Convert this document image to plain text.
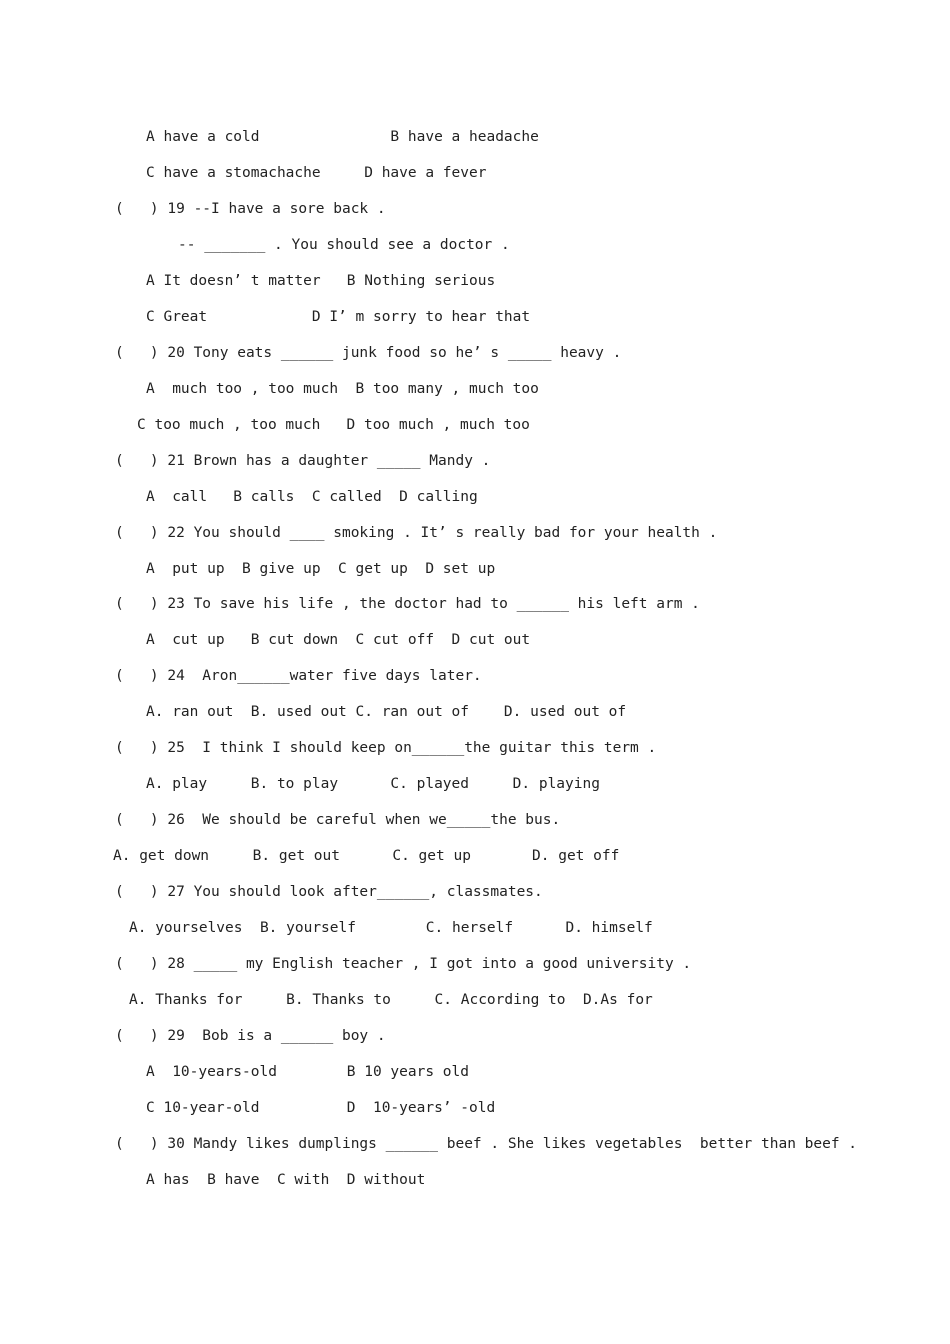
A have a cold               B have a headache
C have a stomachache     D have a fever
(   ) 19 --I have a sore back .
-- _______ . You should see a doctor .
A It doesn’ t matter   B Nothing serious
C Great            D I’ m sorry to hear that
(   ) 20 Tony eats ______ junk food so he’ s _____ heavy .
A  much too , too much  B too many , much too
C too much , too much   D too much , much too
(   ) 21 Brown has a daughter _____ Mandy .
A  call   B calls  C called  D calling
(   ) 22 You should ____ smoking . It’ s really bad for your health .
A  put up  B give up  C get up  D set up
(   ) 23 To save his life , the doctor had to ______ his left arm .
A  cut up   B cut down  C cut off  D cut out
(   ) 24  Aron______water five days later.
A. ran out  B. used out C. ran out of    D. used out of
(   ) 25  I think I should keep on______the guitar this term .
A. play     B. to play      C. played     D. playing
(   ) 26  We should be careful when we_____the bus.
A. get down     B. get out      C. get up       D. get off
(   ) 27 You should look after______, classmates.
A. yourselves  B. yourself        C. herself      D. himself
(   ) 28 _____ my English teacher , I got into a good university .
A. Thanks for     B. Thanks to     C. According to  D.As for
(   ) 29  Bob is a ______ boy .
A  10-years-old        B 10 years old
C 10-year-old          D  10-years’ -old
(   ) 30 Mandy likes dumplings ______ beef . She likes vegetables  better than beef .
A has  B have  C with  D without
